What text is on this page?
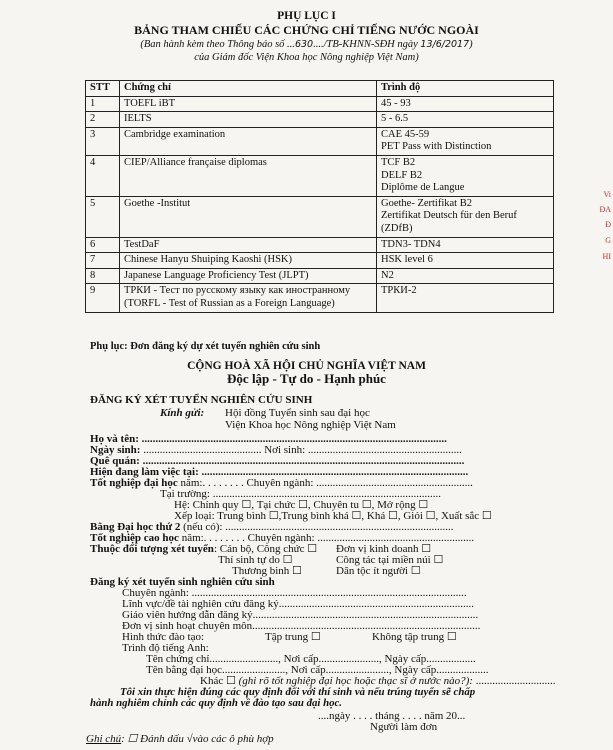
PHỤ LỤC I
BẢNG THAM CHIẾU CÁC CHỨNG CHỈ TIẾNG NƯỚC NGOÀI
(Ban hành kèm theo Thông báo số ...630..../TB-KHNN-SĐH ngày 13/6/2017)
của Giám đốc Viện Khoa học Nông nghiệp Việt Nam)
STT	Chứng chỉ	Trình độ
1	TOEFL iBT	45 - 93

2	IELTS	5 - 6.5

3	Cambridge examination	CAE 45-59
PET Pass with Distinction

4	CIEP/Alliance française diplomas	TCF B2
DELF B2
Diplôme de Langue

5	Goethe -Institut	Goethe- Zertifikat B2
Zertifikat Deutsch für den Beruf
(ZDfB)

6	TestDaF	TDN3- TDN4

7	Chinese Hanyu Shuiping Kaoshi (HSK)	HSK level 6

8	Japanese Language Proficiency Test (JLPT)	N2

9	ТРКИ - Тест по русскому языку как иностранному (TORFL - Test of Russian as a Foreign Language)	ТРКИ-2
Phụ lục: Đơn đăng ký dự xét tuyển nghiên cứu sinh
CỘNG HOÀ XÃ HỘI CHỦ NGHĨA VIỆT NAM
Độc lập - Tự do - Hạnh phúc
ĐĂNG KÝ XÉT TUYỂN NGHIÊN CỨU SINH
Kính gửi: Hội đồng Tuyển sinh sau đại học
Viện Khoa học Nông nghiệp Việt Nam
Họ và tên: ...............................................................................................................
Ngày sinh: ........................................... Nơi sinh: ........................................................
Quê quán: .....................................................................................................................
Hiện đang làm việc tại: .................................................................................................
Tốt nghiệp đại học năm:. . . . . . . . Chuyên ngành: .........................................................
Tại trường: ...................................................................................
Hệ: Chính quy ☐, Tại chức ☐, Chuyên tu ☐, Mở rộng ☐
Xếp loại: Trung bình ☐,Trung bình khá ☐, Khá ☐, Giỏi ☐, Xuất sắc ☐
Bằng Đại học thứ 2 (nếu có): ...................................................................................
Tốt nghiệp cao học năm:. . . . . . . . Chuyên ngành: .........................................................
Thuộc đối tượng xét tuyển: Cán bộ, Công chức ☐ Đơn vị kinh doanh ☐
Thí sinh tự do ☐	Công tác tại miền núi ☐
Thương binh ☐	Dân tộc ít người ☐
Đăng ký xét tuyển sinh nghiên cứu sinh
Chuyên ngành: ....................................................................................................
Lĩnh vực/đề tài nghiên cứu đăng ký.......................................................................
Giáo viên hướng dẫn đăng ký..................................................................................
Đơn vị sinh hoạt chuyên môn...................................................................................
Hình thức đào tạo:	Tập trung ☐	Không tập trung ☐
Trình độ tiếng Anh:
Tên chứng chỉ........................., Nơi cấp......................, Ngày cấp..................
Tên bằng đại học......................., Nơi cấp......................., Ngày cấp...................
Khác ☐ (ghi rõ tốt nghiệp đại học hoặc thạc sĩ ở nước nào?): .............................
Tôi xin thực hiện đúng các quy định đối với thí sinh và nếu trúng tuyển sẽ chấp
hành nghiêm chỉnh các quy định về đào tạo sau đại học.
....ngày . . . . tháng . . . . năm 20...
Người làm đơn
Ghi chú: ☐ Đánh dấu √vào các ô phù hợp
Vi
ĐA
Đ
G
HI
